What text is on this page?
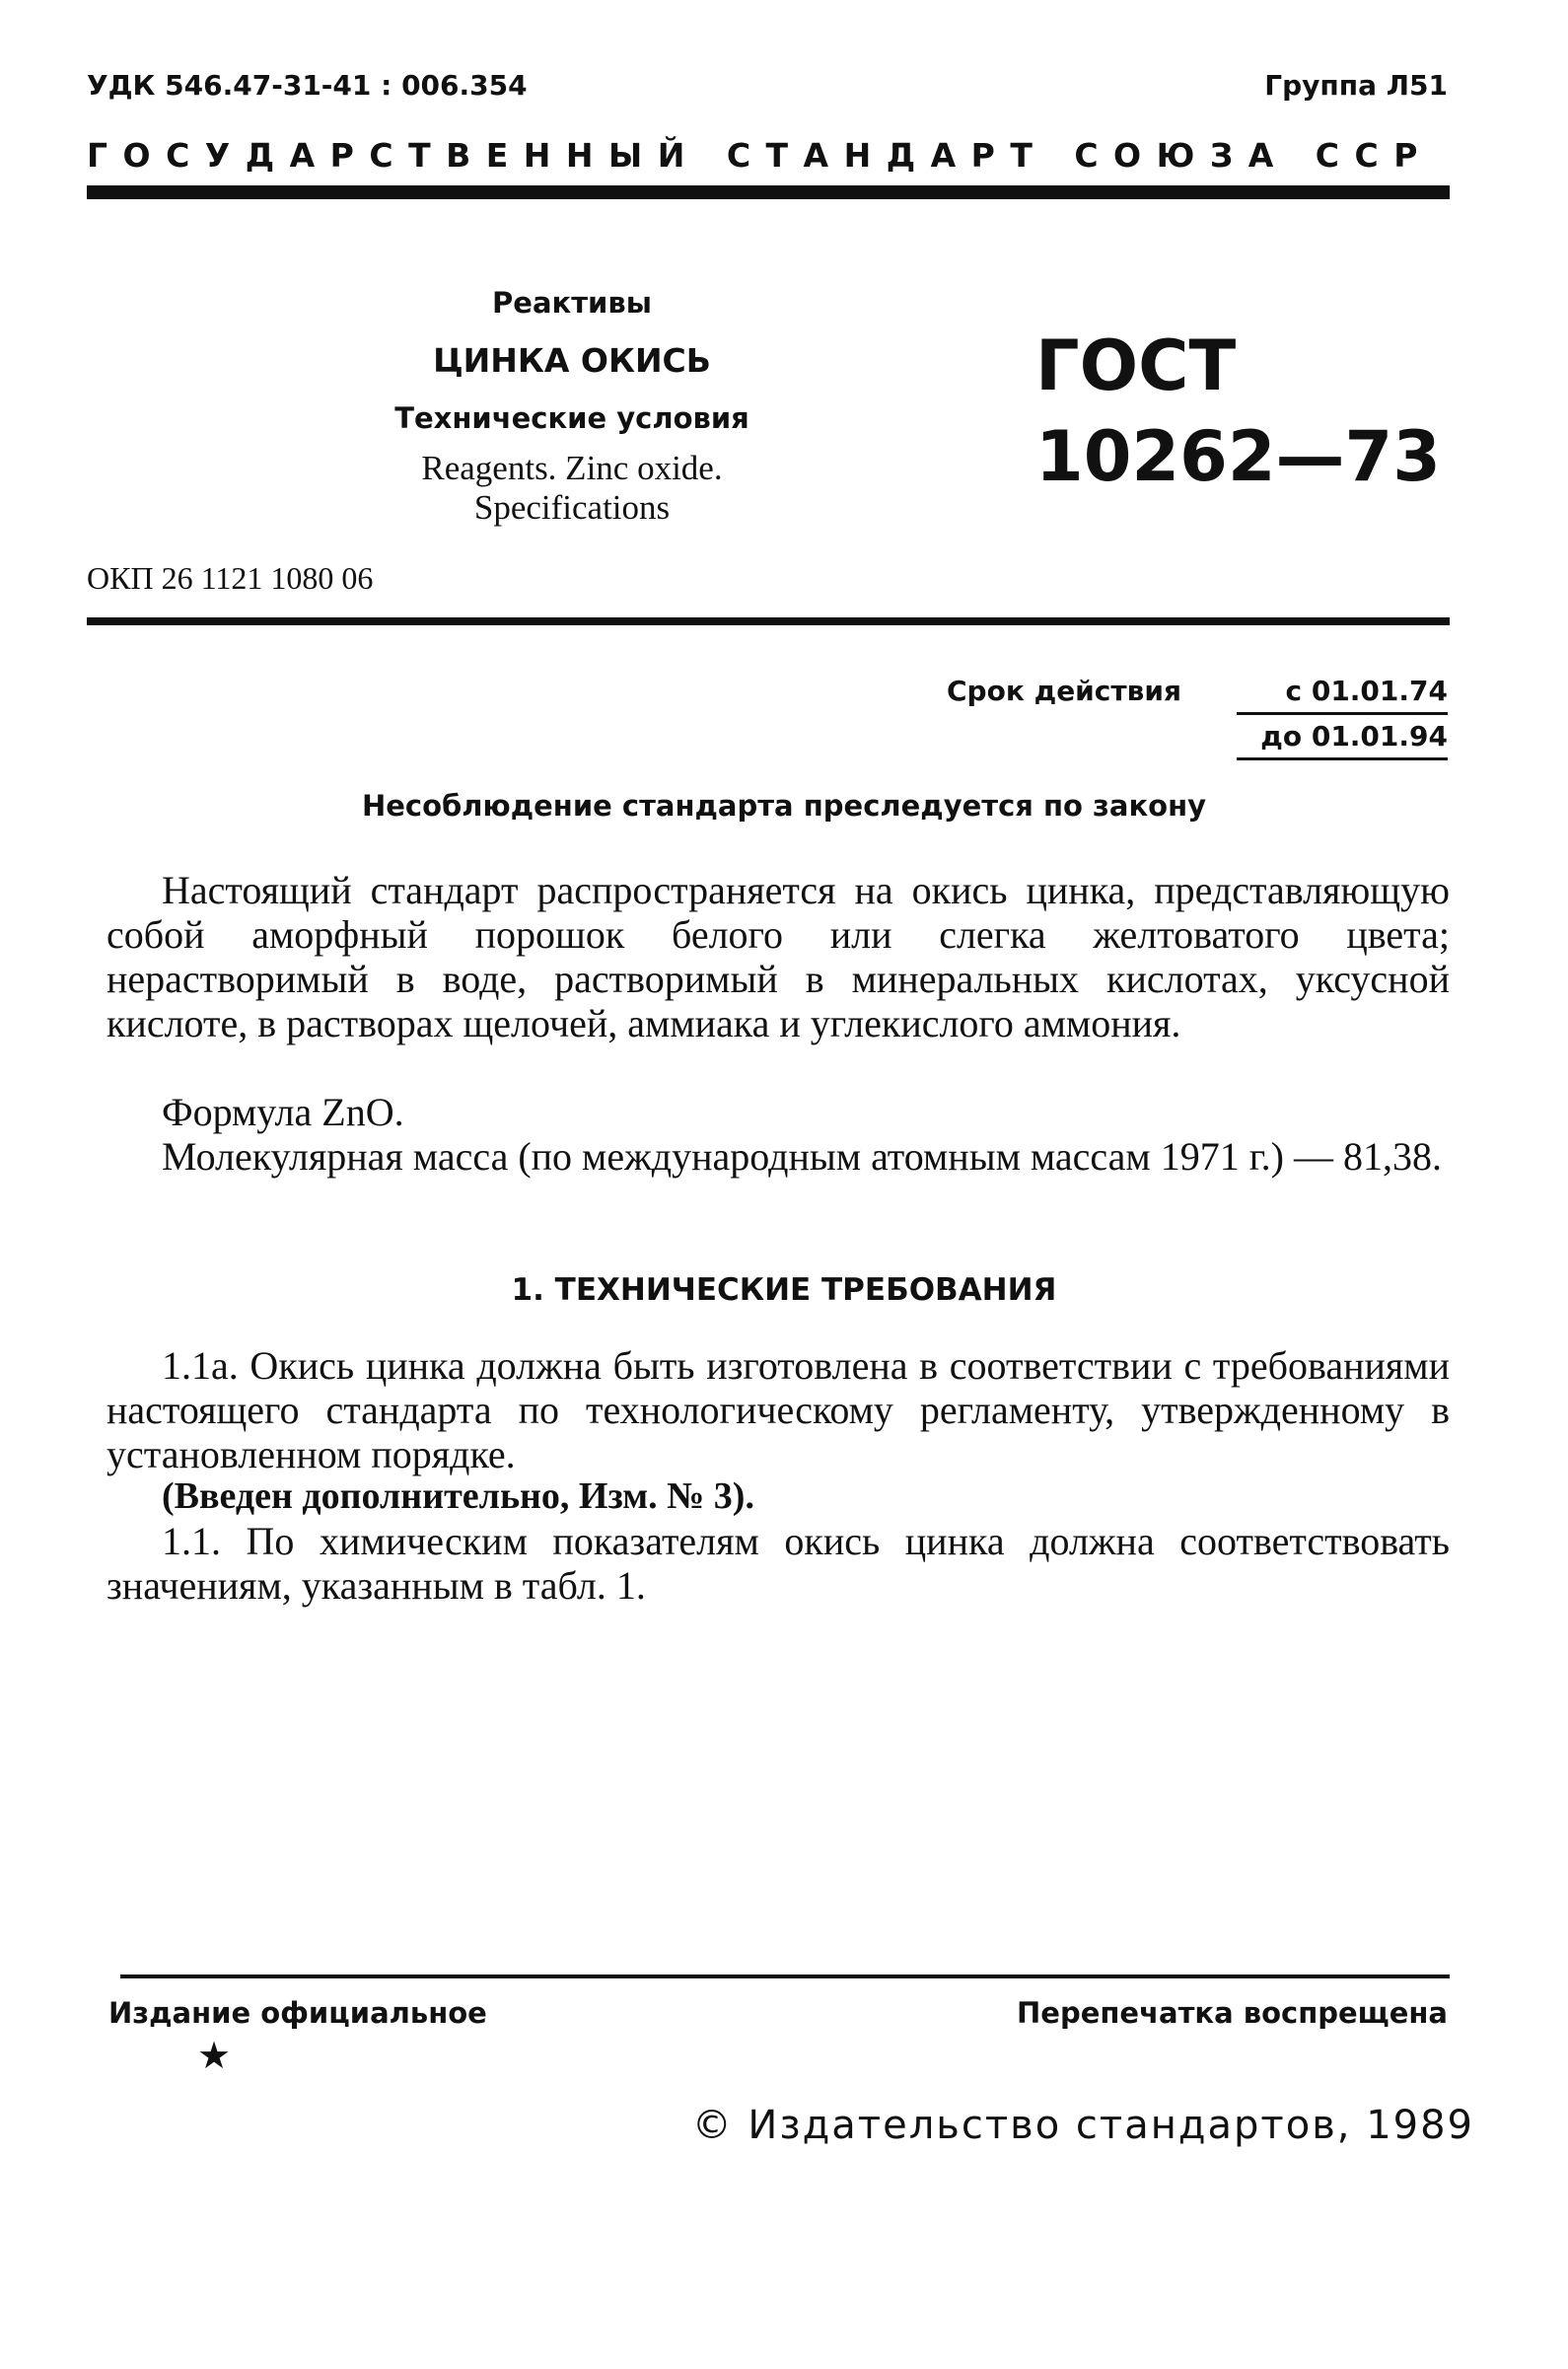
УДК 546.47-31-41 : 006.354	Группа Л51
ГОСУДАРСТВЕННЫЙ СТАНДАРТ СОЮЗА ССР
Реактивы
ЦИНКА ОКИСЬ
Технические условия
Reagents. Zinc oxide.
Specifications
ГОСТ
10262—73
ОКП 26 1121 1080 06
Срок действия	с 01.01.74
до 01.01.94
Несоблюдение стандарта преследуется по закону
Настоящий стандарт распространяется на окись цинка, представляющую собой аморфный порошок белого или слегка желтоватого цвета; нерастворимый в воде, растворимый в минеральных кислотах, уксусной кислоте, в растворах щелочей, аммиака и углекислого аммония.
Формула ZnO.
Молекулярная масса (по международным атомным массам 1971 г.) — 81,38.
1. ТЕХНИЧЕСКИЕ ТРЕБОВАНИЯ
1.1a. Окись цинка должна быть изготовлена в соответствии с требованиями настоящего стандарта по технологическому регламенту, утвержденному в установленном порядке.
(Введен дополнительно, Изм. № 3).
1.1. По химическим показателям окись цинка должна соответствовать значениям, указанным в табл. 1.
Издание официальное
★
Перепечатка воспрещена
© Издательство стандартов, 1989
